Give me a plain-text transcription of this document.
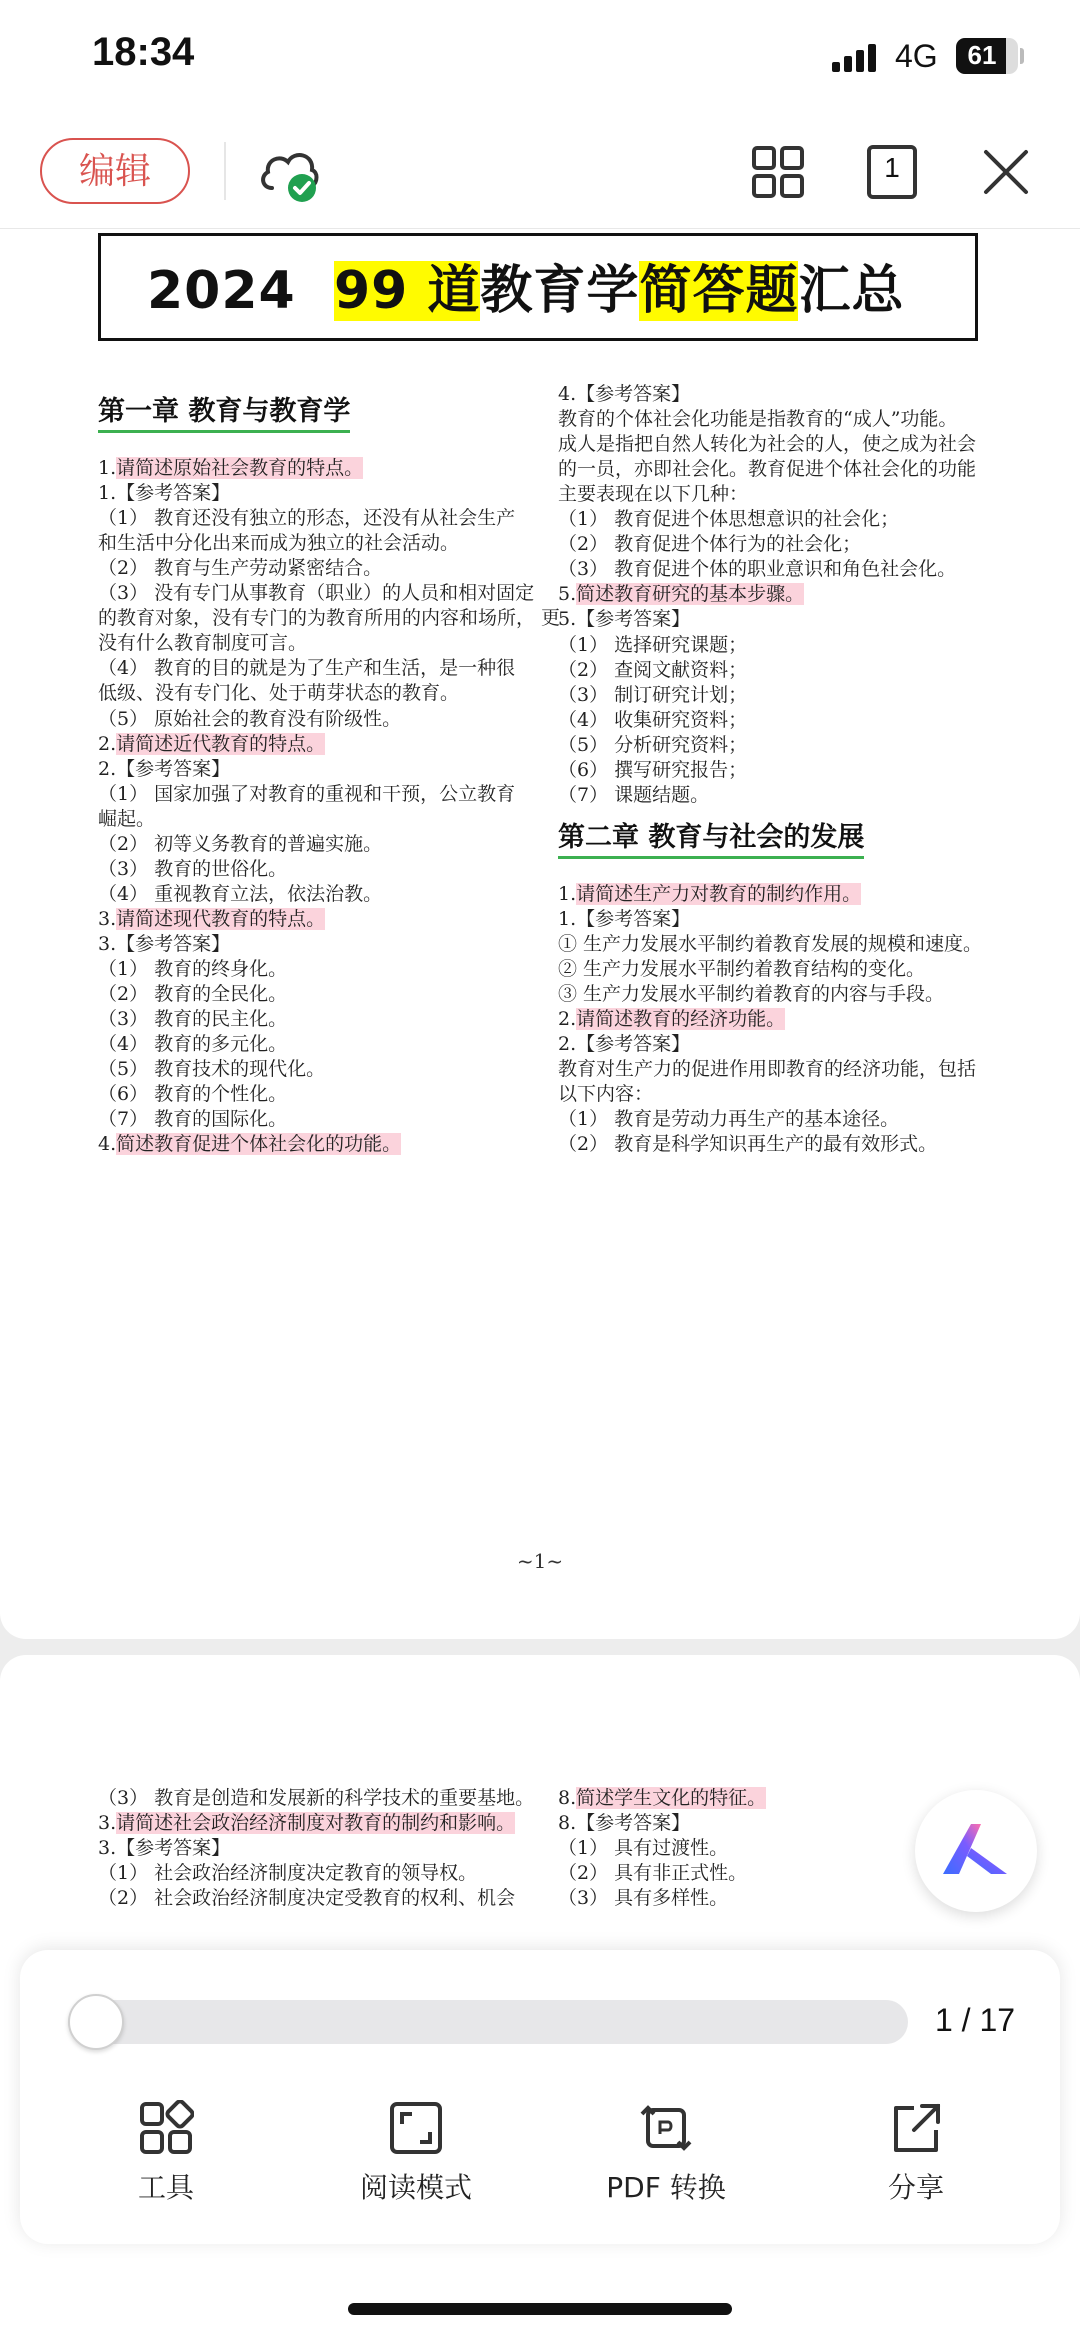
18:34	4G	61
编辑	1
2024 99 道教育学简答题汇总
第一章 教育与教育学
1.请简述原始社会教育的特点。
1.【参考答案】
（1） 教育还没有独立的形态，还没有从社会生产
和生活中分化出来而成为独立的社会活动。
（2） 教育与生产劳动紧密结合。
（3） 没有专门从事教育（职业）的人员和相对固定
的教育对象，没有专门的为教育所用的内容和场所， 更
没有什么教育制度可言。
（4） 教育的目的就是为了生产和生活，是一种很
低级、没有专门化、处于萌芽状态的教育。
（5） 原始社会的教育没有阶级性。
2.请简述近代教育的特点。
2.【参考答案】
（1） 国家加强了对教育的重视和干预，公立教育
崛起。
（2） 初等义务教育的普遍实施。
（3） 教育的世俗化。
（4） 重视教育立法，依法治教。
3.请简述现代教育的特点。
3.【参考答案】
（1） 教育的终身化。
（2） 教育的全民化。
（3） 教育的民主化。
（4） 教育的多元化。
（5） 教育技术的现代化。
（6） 教育的个性化。
（7） 教育的国际化。
4.简述教育促进个体社会化的功能。
4.【参考答案】
教育的个体社会化功能是指教育的“成人”功能。
成人是指把自然人转化为社会的人，使之成为社会
的一员，亦即社会化。教育促进个体社会化的功能
主要表现在以下几种：
（1） 教育促进个体思想意识的社会化；
（2） 教育促进个体行为的社会化；
（3） 教育促进个体的职业意识和角色社会化。
5.简述教育研究的基本步骤。
5.【参考答案】
（1） 选择研究课题；
（2） 查阅文献资料；
（3） 制订研究计划；
（4） 收集研究资料；
（5） 分析研究资料；
（6） 撰写研究报告；
（7） 课题结题。
第二章 教育与社会的发展
1.请简述生产力对教育的制约作用。
1.【参考答案】
① 生产力发展水平制约着教育发展的规模和速度。
② 生产力发展水平制约着教育结构的变化。
③ 生产力发展水平制约着教育的内容与手段。
2.请简述教育的经济功能。
2.【参考答案】
教育对生产力的促进作用即教育的经济功能，包括
以下内容：
（1） 教育是劳动力再生产的基本途径。
（2） 教育是科学知识再生产的最有效形式。
~1~
（3） 教育是创造和发展新的科学技术的重要基地。
3.请简述社会政治经济制度对教育的制约和影响。
3.【参考答案】
（1） 社会政治经济制度决定教育的领导权。
（2） 社会政治经济制度决定受教育的权利、机会
8.简述学生文化的特征。
8.【参考答案】
（1） 具有过渡性。
（2） 具有非正式性。
（3） 具有多样性。
1 / 17
工具	阅读模式	PDF 转换	分享
